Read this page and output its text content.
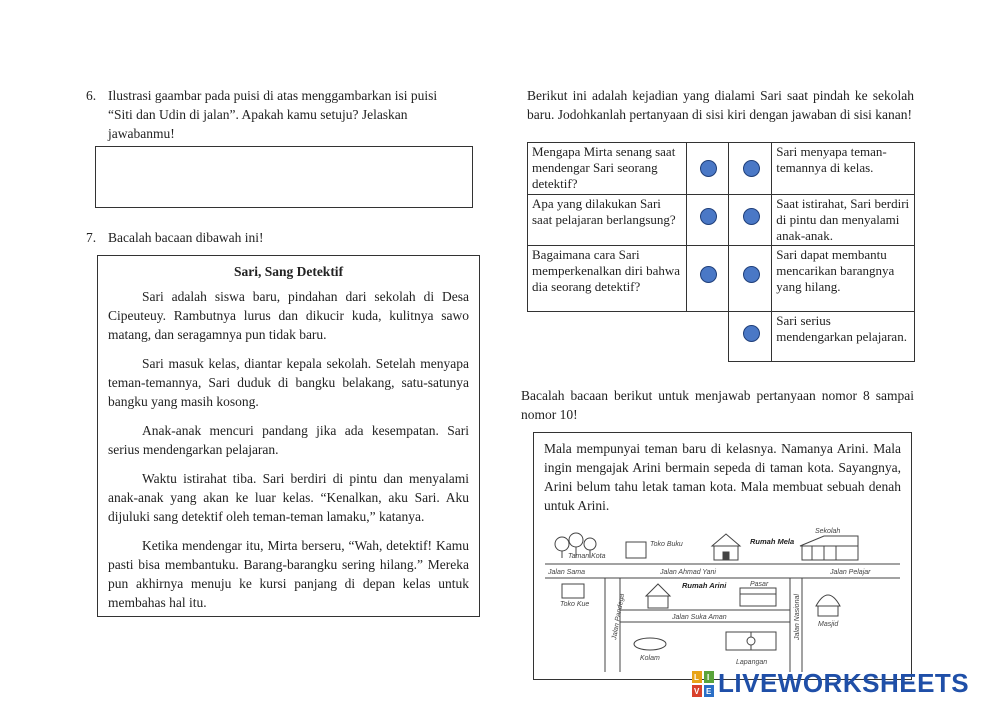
6. Ilustrasi gaambar pada puisi di atas menggambarkan isi puisi
“Siti dan Udin di jalan”. Apakah kamu setuju? Jelaskan
jawabanmu!
7. Bacalah bacaan dibawah ini!
Sari, Sang Detektif

Sari adalah siswa baru, pindahan dari sekolah di Desa Cipeuteuy. Rambutnya lurus dan dikucir kuda, kulitnya sawo matang, dan seragamnya pun tidak baru.

Sari masuk kelas, diantar kepala sekolah. Setelah menyapa teman-temannya, Sari duduk di bangku belakang, satu-satunya bangku yang masih kosong.

Anak-anak mencuri pandang jika ada kesempatan. Sari serius mendengarkan pelajaran.

Waktu istirahat tiba. Sari berdiri di pintu dan menyalami anak-anak yang akan ke luar kelas. “Kenalkan, aku Sari. Aku dijuluki sang detektif oleh teman-teman lamaku,” katanya.

Ketika mendengar itu, Mirta berseru, “Wah, detektif! Kamu pasti bisa membantuku. Barang-barangku sering hilang.” Mereka pun akhirnya menuju ke kursi panjang di depan kelas untuk membahas hal itu.

Berikut ini adalah kejadian yang dialami Sari saat pindah ke sekolah baru. Jodohkanlah pertanyaan di sisi kiri dengan jawaban di sisi kanan!
Mengapa Mirta senang saat mendengar Sari seorang detektif?			Sari menyapa teman-temannya di kelas.
Apa yang dilakukan Sari saat pelajaran berlangsung?			Saat istirahat, Sari berdiri di pintu dan menyalami anak-anak.
Bagaimana cara Sari memperkenalkan diri bahwa dia seorang detektif?			Sari dapat membantu mencarikan barangnya yang hilang.
			Sari serius mendengarkan pelajaran.
Bacalah bacaan berikut untuk menjawab pertanyaan nomor 8 sampai nomor 10!
Mala mempunyai teman baru di kelasnya. Namanya Arini. Mala ingin mengajak Arini bermain sepeda di taman kota. Sayangnya, Arini belum tahu letak taman kota. Mala membuat sebuah denah untuk Arini.
Taman Kota
Toko Buku	Rumah Mela
Sekolah
Jalan Sama	Jalan Ahmad Yani	Jalan Pelajar
Toko Kue
Rumah Arini	Pasar
Jalan Pandega	Jalan Nasional Masjid
Jalan Suka Aman
Kolam
Lapangan
L I
V E LIVEWORKSHEETS
